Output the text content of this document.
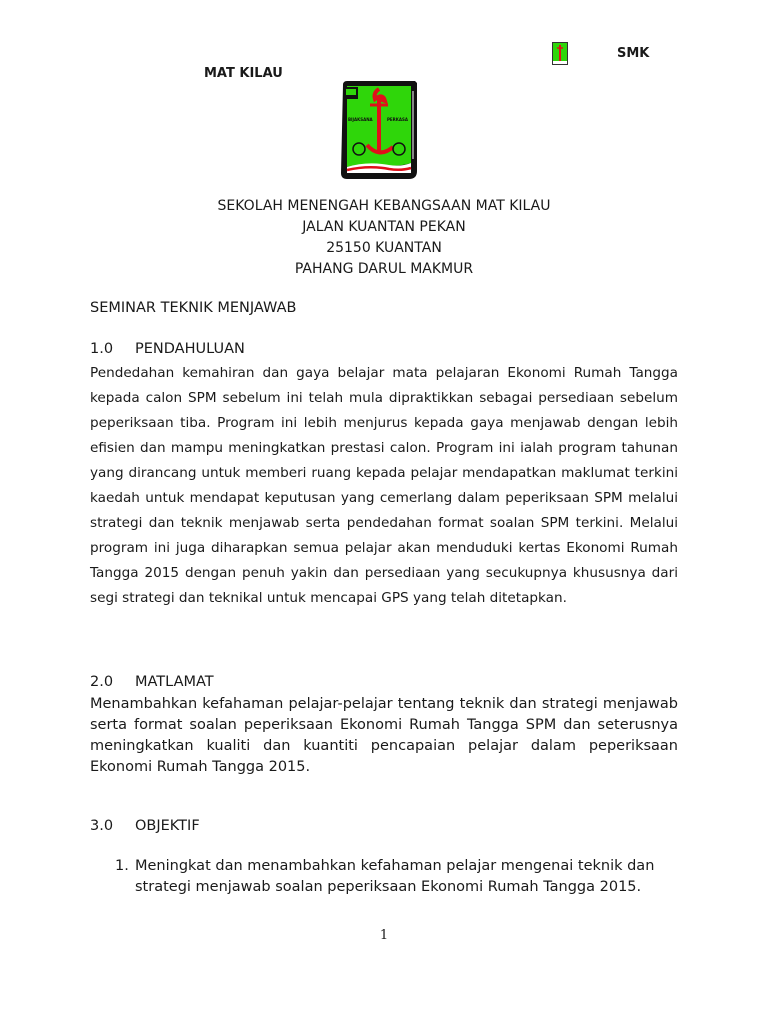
SMK
MAT KILAU
BIJAKSANA	PERKASA
SEKOLAH MENENGAH
SEKOLAH MENENGAH KEBANGSAAN MAT KILAU
JALAN KUANTAN PEKAN
25150 KUANTAN
PAHANG DARUL MAKMUR
SEMINAR TEKNIK MENJAWAB
1.0 PENDAHULUAN
Pendedahan kemahiran dan gaya belajar mata pelajaran Ekonomi Rumah Tangga kepada calon SPM sebelum ini telah mula dipraktikkan sebagai persediaan sebelum peperiksaan tiba. Program ini lebih menjurus kepada gaya menjawab dengan lebih efisien dan mampu meningkatkan prestasi calon. Program ini ialah program tahunan yang dirancang untuk memberi ruang kepada pelajar mendapatkan maklumat terkini kaedah untuk mendapat keputusan yang cemerlang dalam peperiksaan SPM melalui strategi dan teknik menjawab serta pendedahan format soalan SPM terkini. Melalui program ini juga diharapkan semua pelajar akan menduduki kertas Ekonomi Rumah Tangga 2015 dengan penuh yakin dan persediaan yang secukupnya khususnya dari segi strategi dan teknikal untuk mencapai GPS yang telah ditetapkan.
2.0 MATLAMAT
Menambahkan kefahaman pelajar-pelajar tentang teknik dan strategi menjawab serta format soalan peperiksaan Ekonomi Rumah Tangga SPM dan seterusnya meningkatkan kualiti dan kuantiti pencapaian pelajar dalam peperiksaan Ekonomi Rumah Tangga 2015.
3.0 OBJEKTIF
1. Meningkat dan menambahkan kefahaman pelajar mengenai teknik dan strategi menjawab soalan peperiksaan Ekonomi Rumah Tangga 2015.
1
